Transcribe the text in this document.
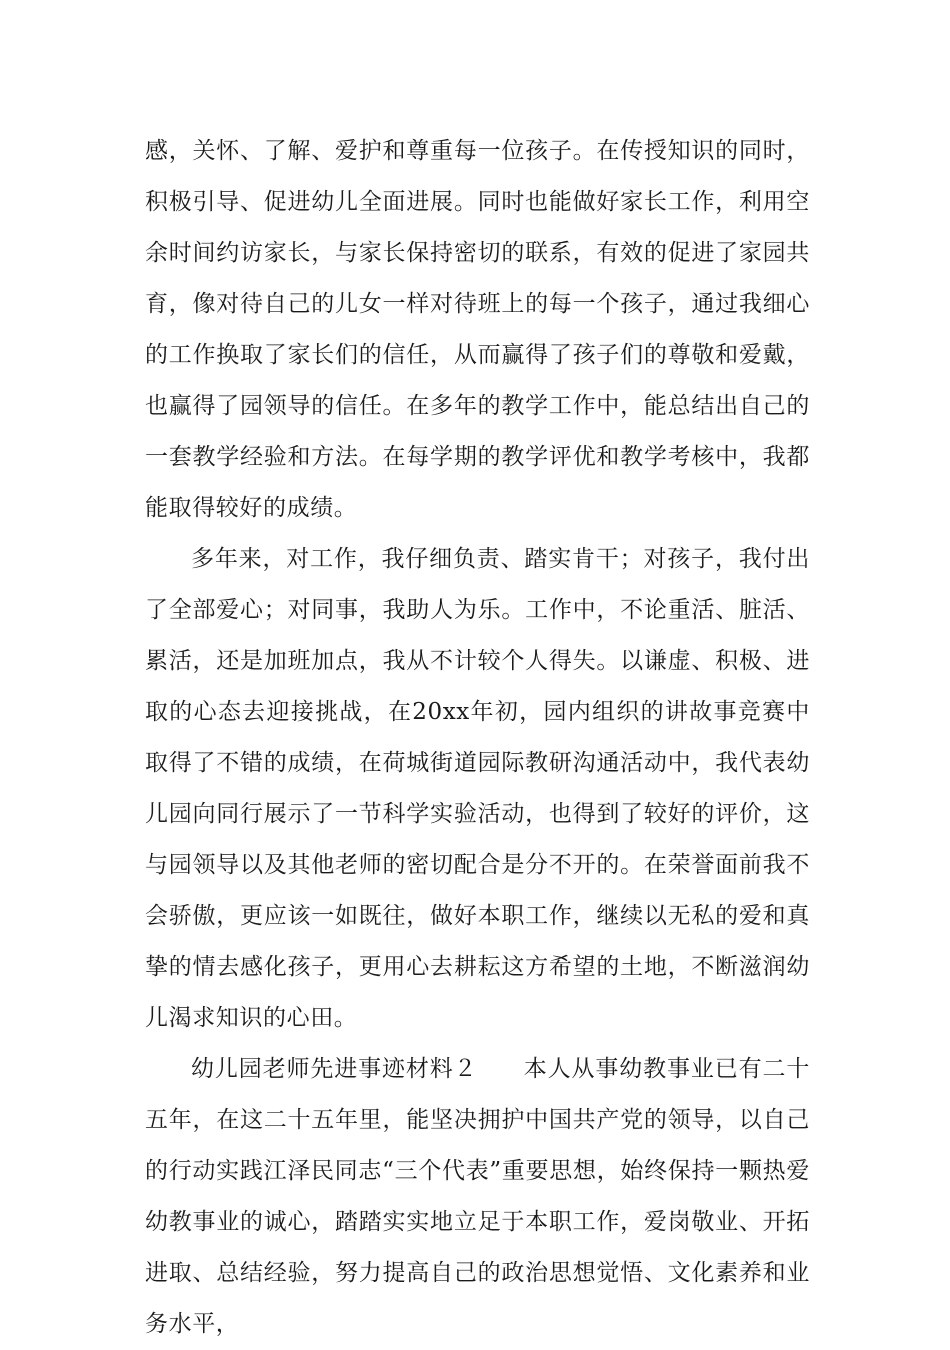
感，关怀、了解、爱护和尊重每一位孩子。在传授知识的同时，积极引导、促进幼儿全面进展。同时也能做好家长工作，利用空余时间约访家长，与家长保持密切的联系，有效的促进了家园共育，像对待自己的儿女一样对待班上的每一个孩子，通过我细心的工作换取了家长们的信任，从而赢得了孩子们的尊敬和爱戴，也赢得了园领导的信任。在多年的教学工作中，能总结出自己的一套教学经验和方法。在每学期的教学评优和教学考核中，我都能取得较好的成绩。

多年来，对工作，我仔细负责、踏实肯干；对孩子，我付出了全部爱心；对同事，我助人为乐。工作中，不论重活、脏活、累活，还是加班加点，我从不计较个人得失。以谦虚、积极、进取的心态去迎接挑战，在20xx年初，园内组织的讲故事竞赛中取得了不错的成绩，在荷城街道园际教研沟通活动中，我代表幼儿园向同行展示了一节科学实验活动，也得到了较好的评价，这与园领导以及其他老师的密切配合是分不开的。在荣誉面前我不会骄傲，更应该一如既往，做好本职工作，继续以无私的爱和真挚的情去感化孩子，更用心去耕耘这方希望的土地，不断滋润幼儿渴求知识的心田。

幼儿园老师先进事迹材料２ 本人从事幼教事业已有二十五年，在这二十五年里，能坚决拥护中国共产党的领导，以自己的行动实践江泽民同志“三个代表”重要思想，始终保持一颗热爱幼教事业的诚心，踏踏实实地立足于本职工作，爱岗敬业、开拓进取、总结经验，努力提高自己的政治思想觉悟、文化素养和业务水平，
